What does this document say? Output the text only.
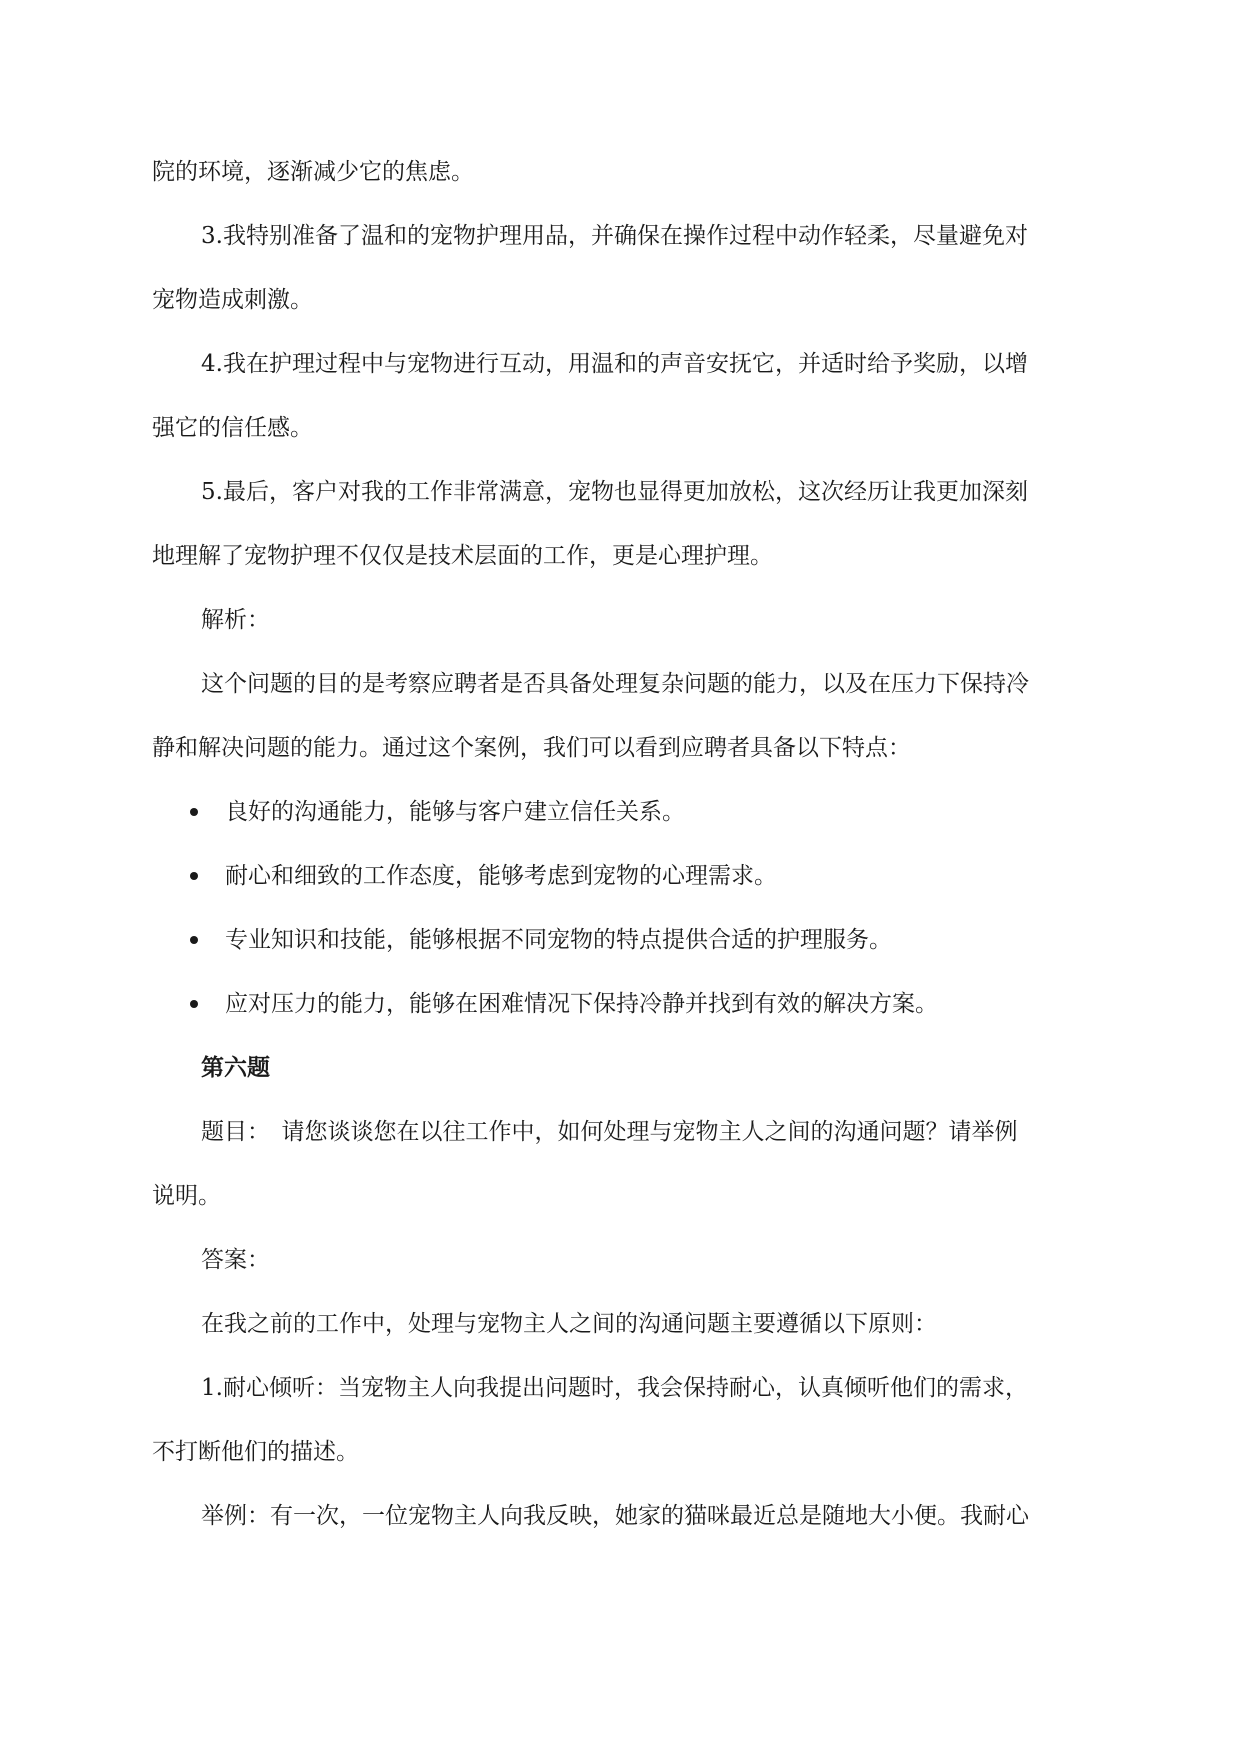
院的环境，逐渐减少它的焦虑。
3.我特别准备了温和的宠物护理用品，并确保在操作过程中动作轻柔，尽量避免对
宠物造成刺激。
4.我在护理过程中与宠物进行互动，用温和的声音安抚它，并适时给予奖励，以增
强它的信任感。
5.最后，客户对我的工作非常满意，宠物也显得更加放松，这次经历让我更加深刻
地理解了宠物护理不仅仅是技术层面的工作，更是心理护理。
解析：
这个问题的目的是考察应聘者是否具备处理复杂问题的能力，以及在压力下保持冷
静和解决问题的能力。通过这个案例，我们可以看到应聘者具备以下特点：
良好的沟通能力，能够与客户建立信任关系。
耐心和细致的工作态度，能够考虑到宠物的心理需求。
专业知识和技能，能够根据不同宠物的特点提供合适的护理服务。
应对压力的能力，能够在困难情况下保持冷静并找到有效的解决方案。
第六题
题目：　请您谈谈您在以往工作中，如何处理与宠物主人之间的沟通问题？请举例
说明。
答案：
在我之前的工作中，处理与宠物主人之间的沟通问题主要遵循以下原则：
1.耐心倾听：当宠物主人向我提出问题时，我会保持耐心，认真倾听他们的需求，
不打断他们的描述。
举例：有一次，一位宠物主人向我反映，她家的猫咪最近总是随地大小便。我耐心
